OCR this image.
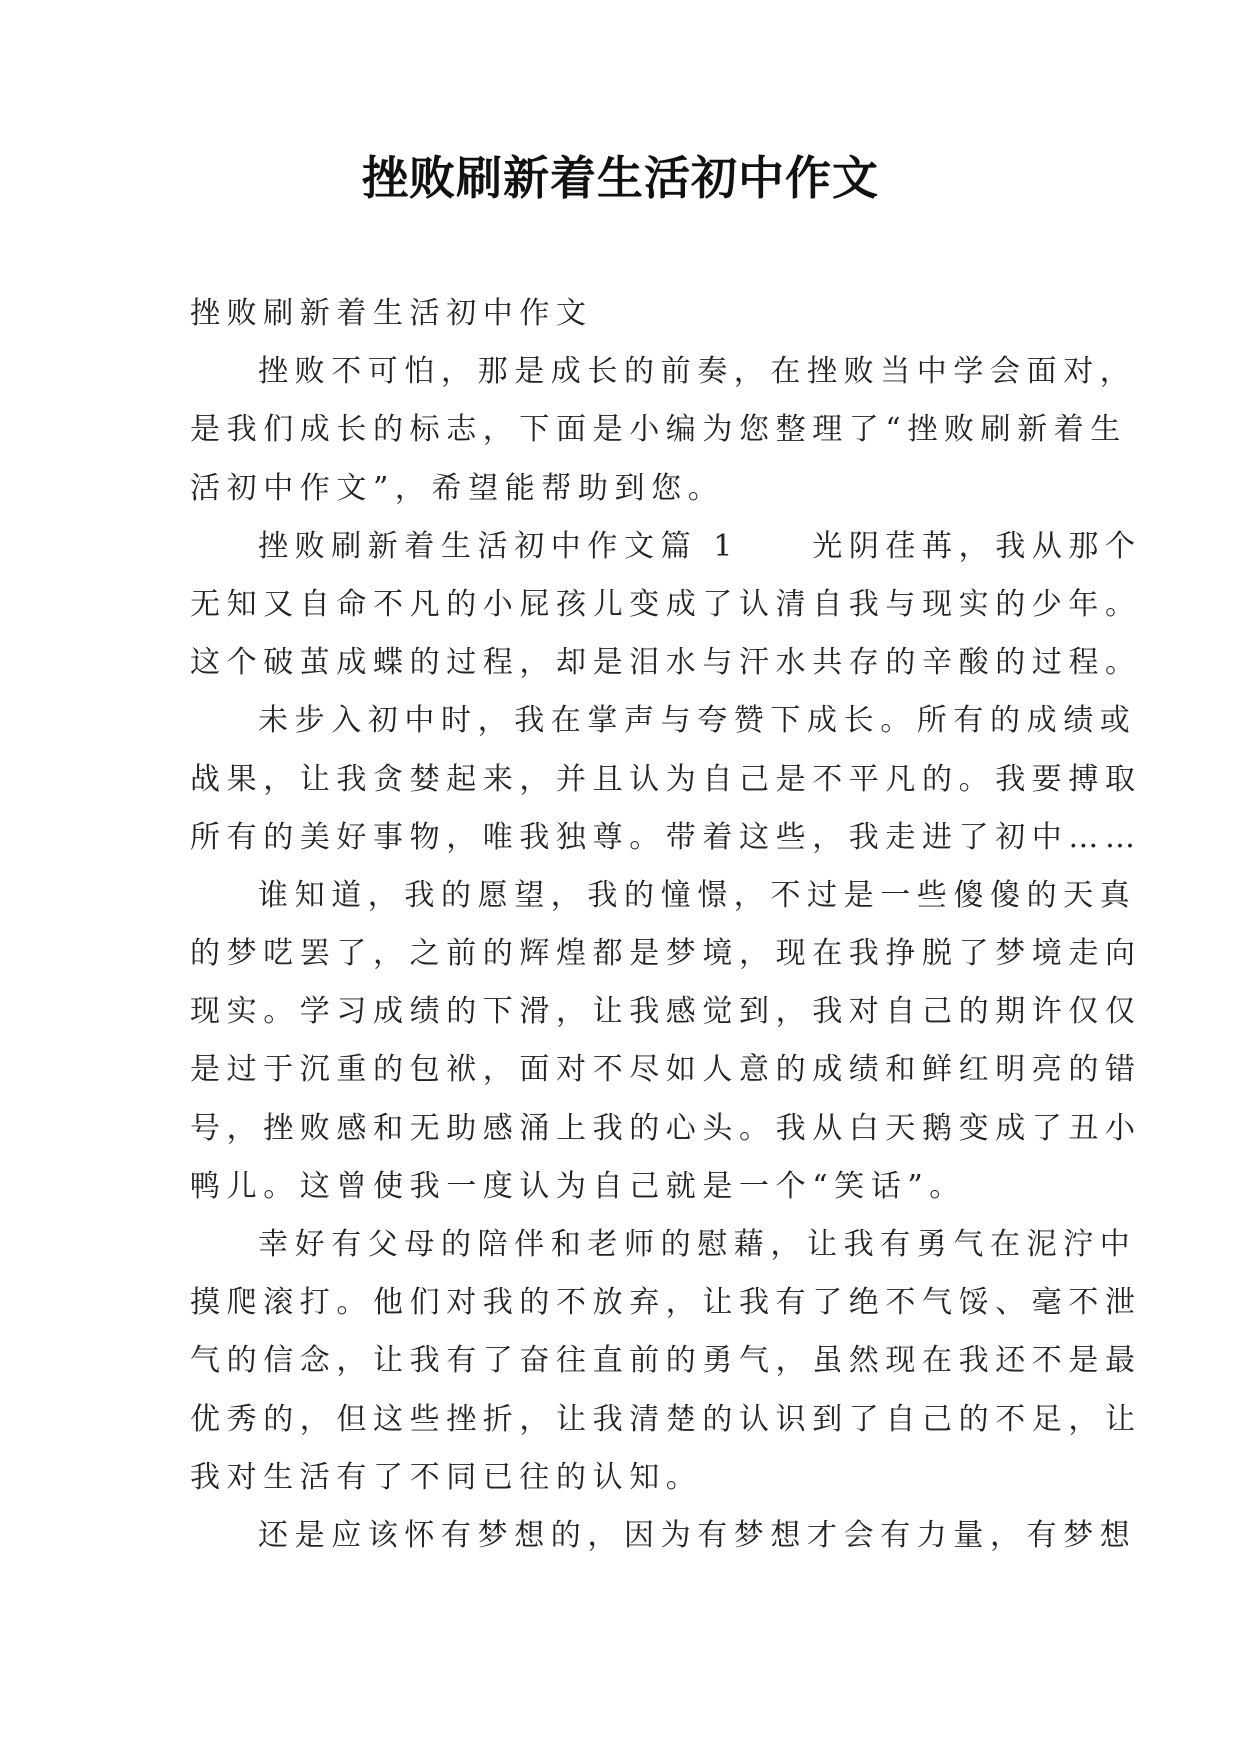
挫败刷新着生活初中作文
挫败刷新着生活初中作文
挫败不可怕，那是成长的前奏，在挫败当中学会面对，
是我们成长的标志，下面是小编为您整理了“挫败刷新着生
活初中作文”，希望能帮助到您。
挫败刷新着生活初中作文篇 1　　光阴荏苒，我从那个
无知又自命不凡的小屁孩儿变成了认清自我与现实的少年。
这个破茧成蝶的过程，却是泪水与汗水共存的辛酸的过程。
未步入初中时，我在掌声与夸赞下成长。所有的成绩或
战果，让我贪婪起来，并且认为自己是不平凡的。我要搏取
所有的美好事物，唯我独尊。带着这些，我走进了初中……
谁知道，我的愿望，我的憧憬，不过是一些傻傻的天真
的梦呓罢了，之前的辉煌都是梦境，现在我挣脱了梦境走向
现实。学习成绩的下滑，让我感觉到，我对自己的期许仅仅
是过于沉重的包袱，面对不尽如人意的成绩和鲜红明亮的错
号，挫败感和无助感涌上我的心头。我从白天鹅变成了丑小
鸭儿。这曾使我一度认为自己就是一个“笑话”。
幸好有父母的陪伴和老师的慰藉，让我有勇气在泥泞中
摸爬滚打。他们对我的不放弃，让我有了绝不气馁、毫不泄
气的信念，让我有了奋往直前的勇气，虽然现在我还不是最
优秀的，但这些挫折，让我清楚的认识到了自己的不足，让
我对生活有了不同已往的认知。
还是应该怀有梦想的，因为有梦想才会有力量，有梦想
